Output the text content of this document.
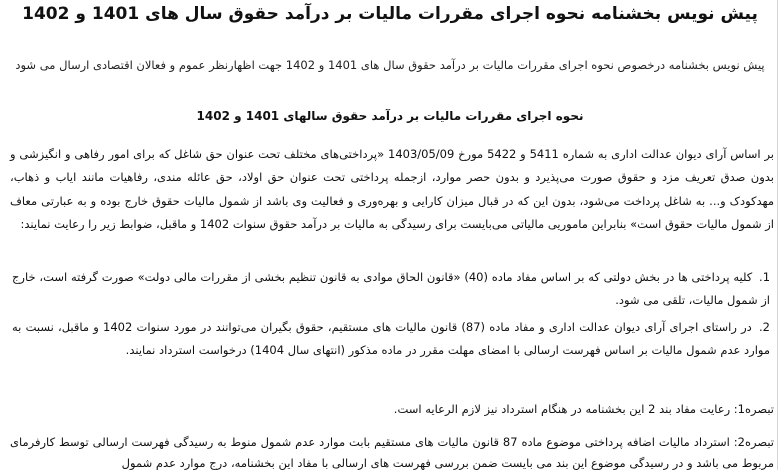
پیش نویس بخشنامه نحوه اجرای مقررات مالیات بر درآمد حقوق سال های 1401 و 1402
پیش نویس بخشنامه درخصوص نحوه اجرای مقررات مالیات بر درآمد حقوق سال های 1401 و 1402 جهت اظهارنظر عموم و فعالان اقتصادی ارسال می شود
نحوه اجرای مقررات مالیات بر درآمد حقوق سالهای 1401 و 1402
بر اساس آرای دیوان عدالت اداری به شماره 5411 و 5422 مورخ 1403/05/09 «پرداختی‌های مختلف تحت عنوان حق شاغل که برای امور رفاهی و انگیزشی و بدون صدق تعریف مزد و حقوق صورت می‌پذیرد و بدون حصر موارد، ازجمله پرداختی تحت عنوان حق اولاد، حق عائله مندی، رفاهیات مانند ایاب و ذهاب، مهدکودک و... به شاغل پرداخت می‌شود، بدون این که در قبال میزان کارایی و بهره‌وری و فعالیت وی باشد از شمول مالیات حقوق خارج بوده و به عبارتی معاف از شمول مالیات حقوق است» بنابراین ماموریی مالیاتی می‌بایست برای رسیدگی به مالیات بر درآمد حقوق سنوات 1402 و ماقبل، ضوابط زیر را رعایت نمایند:
1. کلیه پرداختی ها در بخش دولتی که بر اساس مفاد ماده (40) «قانون الحاق موادی به قانون تنظیم بخشی از مقررات مالی دولت» صورت گرفته است، خارج از شمول مالیات، تلقی می شود.
2. در راستای اجرای آرای دیوان عدالت اداری و مفاد ماده (87) قانون مالیات های مستقیم، حقوق بگیران می‌توانند در مورد سنوات 1402 و ماقبل، نسبت به موارد عدم شمول مالیات بر اساس فهرست ارسالی با امضای مهلت مقرر در ماده مذکور (انتهای سال 1404) درخواست استرداد نمایند.
تبصره1: رعایت مفاد بند 2 این بخشنامه در هنگام استرداد نیز لازم الرعایه است.
تبصره2: استرداد مالیات اضافه پرداختی موضوع ماده 87 قانون مالیات های مستقیم بابت موارد عدم شمول منوط به رسیدگی فهرست ارسالی توسط کارفرمای مربوط می باشد و در رسیدگی موضوع این بند می بایست ضمن بررسی فهرست های ارسالی با مفاد این بخشنامه، درج موارد عدم شمول
